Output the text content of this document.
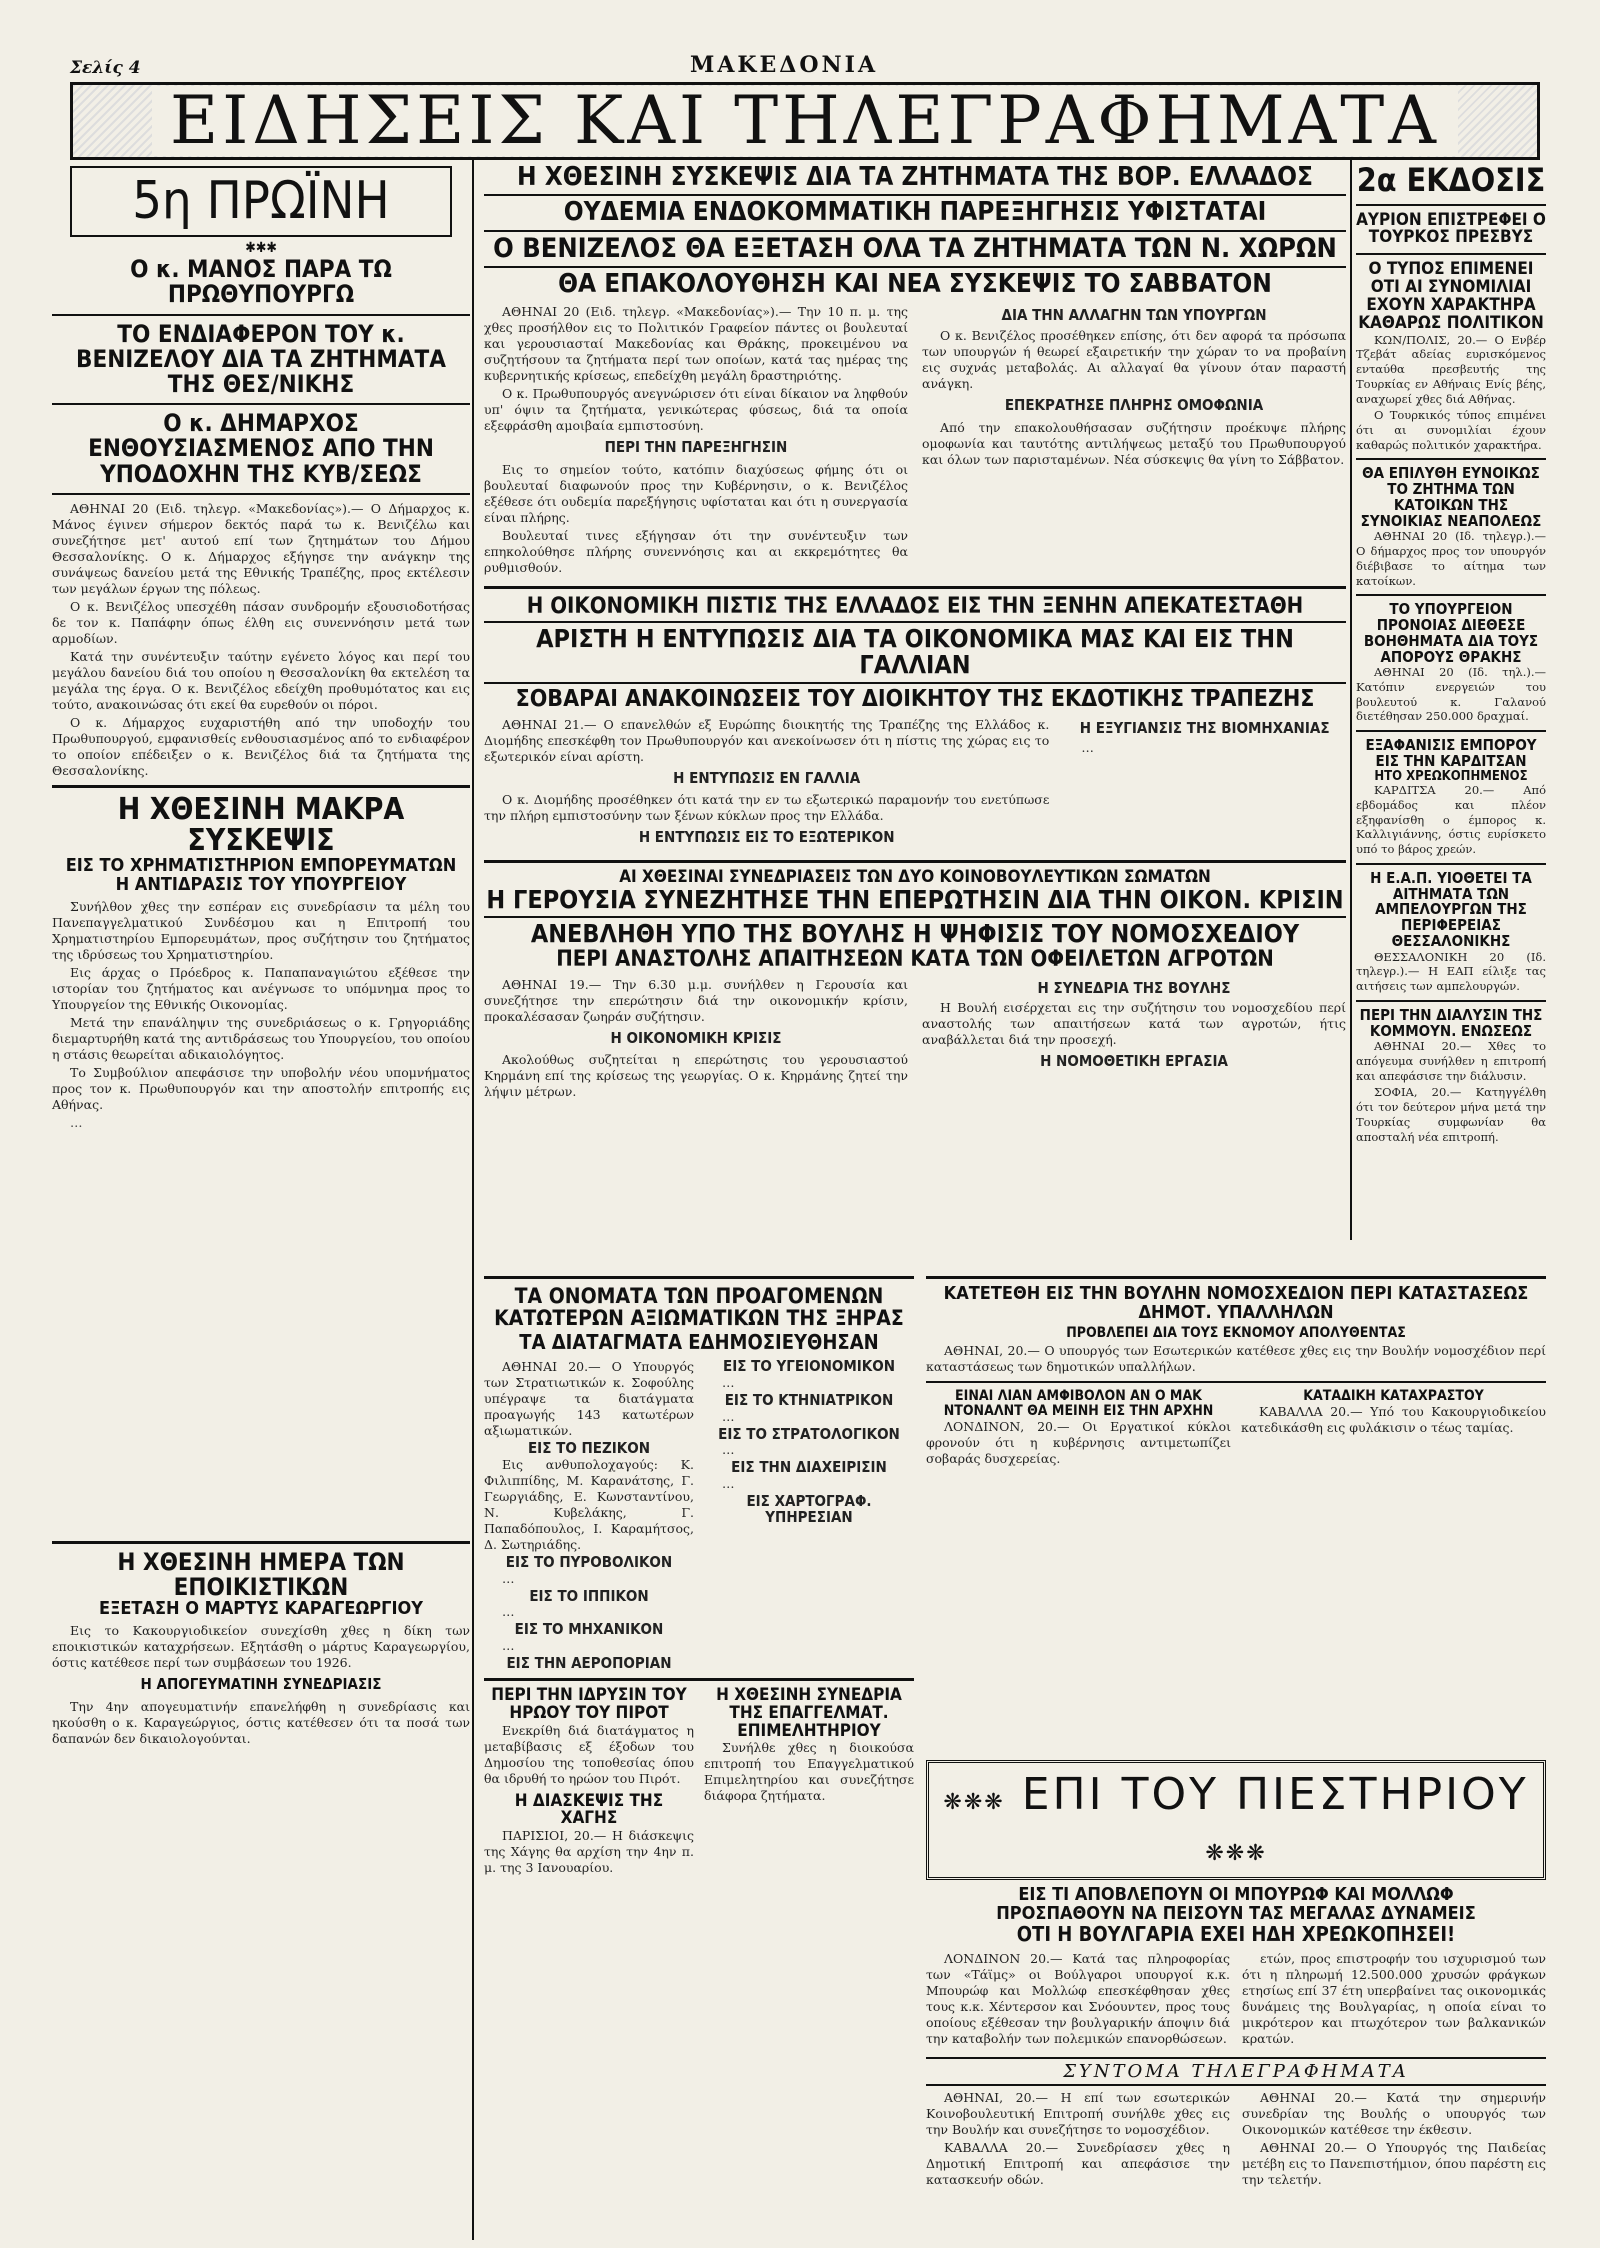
Σελίς 4	ΜΑΚΕΔΟΝΙΑ
ΕΙΔΗΣΕΙΣ ΚΑΙ ΤΗΛΕΓΡΑΦΗΜΑΤΑ
5η ΠΡΩΪΝΗ
✱✱✱
Ο κ. ΜΑΝΟΣ ΠΑΡΑ ΤΩ ΠΡΩΘΥΠΟΥΡΓΩ
ΤΟ ΕΝΔΙΑΦΕΡΟΝ ΤΟΥ κ. ΒΕΝΙΖΕΛΟΥ ΔΙΑ ΤΑ ΖΗΤΗΜΑΤΑ ΤΗΣ ΘΕΣ/ΝΙΚΗΣ
Ο κ. ΔΗΜΑΡΧΟΣ ΕΝΘΟΥΣΙΑΣΜΕΝΟΣ ΑΠΟ ΤΗΝ ΥΠΟΔΟΧΗΝ ΤΗΣ ΚΥΒ/ΣΕΩΣ

ΑΘΗΝΑΙ 20 (Ειδ. τηλεγρ. «Μακεδονίας»).— Ο Δήμαρχος κ. Μάνος έγινεν σήμερον δεκτός παρά τω κ. Βενιζέλω και συνεζήτησε μετ' αυτού επί των ζητημάτων του Δήμου Θεσσαλονίκης. Ο κ. Δήμαρχος εξήγησε την ανάγκην της συνάψεως δανείου μετά της Εθνικής Τραπέζης, προς εκτέλεσιν των μεγάλων έργων της πόλεως.

Ο κ. Βενιζέλος υπεσχέθη πάσαν συνδρομήν εξουσιοδοτήσας δε τον κ. Παπάφην όπως έλθη εις συνεννόησιν μετά των αρμοδίων.

Κατά την συνέντευξιν ταύτην εγένετο λόγος και περί του μεγάλου δανείου διά του οποίου η Θεσσαλονίκη θα εκτελέση τα μεγάλα της έργα. Ο κ. Βενιζέλος εδείχθη προθυμότατος και εις τούτο, ανακοινώσας ότι εκεί θα ευρεθούν οι πόροι.

Ο κ. Δήμαρχος ευχαριστήθη από την υποδοχήν του Πρωθυπουργού, εμφανισθείς ενθουσιασμένος από το ενδιαφέρον το οποίον επέδειξεν ο κ. Βενιζέλος διά τα ζητήματα της Θεσσαλονίκης.

Η ΧΘΕΣΙΝΗ ΜΑΚΡΑ ΣΥΣΚΕΨΙΣ
ΕΙΣ ΤΟ ΧΡΗΜΑΤΙΣΤΗΡΙΟΝ ΕΜΠΟΡΕΥΜΑΤΩΝ
Η ΑΝΤΙΔΡΑΣΙΣ ΤΟΥ ΥΠΟΥΡΓΕΙΟΥ

Συνήλθον χθες την εσπέραν εις συνεδρίασιν τα μέλη του Πανεπαγγελματικού Συνδέσμου και η Επιτροπή του Χρηματιστηρίου Εμπορευμάτων, προς συζήτησιν του ζητήματος της ιδρύσεως του Χρηματιστηρίου.

Εις άρχας ο Πρόεδρος κ. Παπαπαναγιώτου εξέθεσε την ιστορίαν του ζητήματος και ανέγνωσε το υπόμνημα προς το Υπουργείον της Εθνικής Οικονομίας.

Μετά την επανάληψιν της συνεδριάσεως ο κ. Γρηγοριάδης διεμαρτυρήθη κατά της αντιδράσεως του Υπουργείου, του οποίου η στάσις θεωρείται αδικαιολόγητος.

Το Συμβούλιον απεφάσισε την υποβολήν νέου υπομνήματος προς τον κ. Πρωθυπουργόν και την αποστολήν επιτροπής εις Αθήνας.

…

Η ΧΘΕΣΙΝΗ ΗΜΕΡΑ ΤΩΝ ΕΠΟΙΚΙΣΤΙΚΩΝ
ΕΞΕΤΑΣΗ Ο ΜΑΡΤΥΣ ΚΑΡΑΓΕΩΡΓΙΟΥ

Εις το Κακουργιοδικείον συνεχίσθη χθες η δίκη των εποικιστικών καταχρήσεων. Εξητάσθη ο μάρτυς Καραγεωργίου, όστις κατέθεσε περί των συμβάσεων του 1926.

Η ΑΠΟΓΕΥΜΑΤΙΝΗ ΣΥΝΕΔΡΙΑΣΙΣ

Την 4ην απογευματινήν επανελήφθη η συνεδρίασις και ηκούσθη ο κ. Καραγεώργιος, όστις κατέθεσεν ότι τα ποσά των δαπανών δεν δικαιολογούνται.

Η ΧΘΕΣΙΝΗ ΣΥΣΚΕΨΙΣ ΔΙΑ ΤΑ ΖΗΤΗΜΑΤΑ ΤΗΣ ΒΟΡ. ΕΛΛΑΔΟΣ
ΟΥΔΕΜΙΑ ΕΝΔΟΚΟΜΜΑΤΙΚΗ ΠΑΡΕΞΗΓΗΣΙΣ ΥΦΙΣΤΑΤΑΙ
Ο ΒΕΝΙΖΕΛΟΣ ΘΑ ΕΞΕΤΑΣΗ ΟΛΑ ΤΑ ΖΗΤΗΜΑΤΑ ΤΩΝ Ν. ΧΩΡΩΝ
ΘΑ ΕΠΑΚΟΛΟΥΘΗΣΗ ΚΑΙ ΝΕΑ ΣΥΣΚΕΨΙΣ ΤΟ ΣΑΒΒΑΤΟΝ

ΑΘΗΝΑΙ 20 (Ειδ. τηλεγρ. «Μακεδονίας»).— Την 10 π. μ. της χθες προσήλθον εις το Πολιτικόν Γραφείον πάντες οι βουλευταί και γερουσιασταί Μακεδονίας και Θράκης, προκειμένου να συζητήσουν τα ζητήματα περί των οποίων, κατά τας ημέρας της κυβερνητικής κρίσεως, επεδείχθη μεγάλη δραστηριότης.

Ο κ. Πρωθυπουργός ανεγνώρισεν ότι είναι δίκαιον να ληφθούν υπ' όψιν τα ζητήματα, γενικώτερας φύσεως, διά τα οποία εξεφράσθη αμοιβαία εμπιστοσύνη.

ΠΕΡΙ ΤΗΝ ΠΑΡΕΞΗΓΗΣΙΝ

Εις το σημείον τούτο, κατόπιν διαχύσεως φήμης ότι οι βουλευταί διαφωνούν προς την Κυβέρνησιν, ο κ. Βενιζέλος εξέθεσε ότι ουδεμία παρεξήγησις υφίσταται και ότι η συνεργασία είναι πλήρης.

Βουλευταί τινες εξήγησαν ότι την συνέντευξιν των επηκολούθησε πλήρης συνεννόησις και αι εκκρεμότητες θα ρυθμισθούν.

ΔΙΑ ΤΗΝ ΑΛΛΑΓΗΝ ΤΩΝ ΥΠΟΥΡΓΩΝ

Ο κ. Βενιζέλος προσέθηκεν επίσης, ότι δεν αφορά τα πρόσωπα των υπουργών ή θεωρεί εξαιρετικήν την χώραν το να προβαίνη εις συχνάς μεταβολάς. Αι αλλαγαί θα γίνουν όταν παραστή ανάγκη.

ΕΠΕΚΡΑΤΗΣΕ ΠΛΗΡΗΣ ΟΜΟΦΩΝΙΑ

Από την επακολουθήσασαν συζήτησιν προέκυψε πλήρης ομοφωνία και ταυτότης αντιλήψεως μεταξύ του Πρωθυπουργού και όλων των παρισταμένων. Νέα σύσκεψις θα γίνη το Σάββατον.

Η ΟΙΚΟΝΟΜΙΚΗ ΠΙΣΤΙΣ ΤΗΣ ΕΛΛΑΔΟΣ ΕΙΣ ΤΗΝ ΞΕΝΗΝ ΑΠΕΚΑΤΕΣΤΑΘΗ
ΑΡΙΣΤΗ Η ΕΝΤΥΠΩΣΙΣ ΔΙΑ ΤΑ ΟΙΚΟΝΟΜΙΚΑ ΜΑΣ ΚΑΙ ΕΙΣ ΤΗΝ ΓΑΛΛΙΑΝ
ΣΟΒΑΡΑΙ ΑΝΑΚΟΙΝΩΣΕΙΣ ΤΟΥ ΔΙΟΙΚΗΤΟΥ ΤΗΣ ΕΚΔΟΤΙΚΗΣ ΤΡΑΠΕΖΗΣ

ΑΘΗΝΑΙ 21.— Ο επανελθών εξ Ευρώπης διοικητής της Τραπέζης της Ελλάδος κ. Διομήδης επεσκέφθη τον Πρωθυπουργόν και ανεκοίνωσεν ότι η πίστις της χώρας εις το εξωτερικόν είναι αρίστη.

Η ΕΝΤΥΠΩΣΙΣ ΕΝ ΓΑΛΛΙΑ

Ο κ. Διομήδης προσέθηκεν ότι κατά την εν τω εξωτερικώ παραμονήν του ενετύπωσε την πλήρη εμπιστοσύνην των ξένων κύκλων προς την Ελλάδα.

Η ΕΝΤΥΠΩΣΙΣ ΕΙΣ ΤΟ ΕΞΩΤΕΡΙΚΟΝ
Η ΕΞΥΓΙΑΝΣΙΣ ΤΗΣ ΒΙΟΜΗΧΑΝΙΑΣ

…

ΑΙ ΧΘΕΣΙΝΑΙ ΣΥΝΕΔΡΙΑΣΕΙΣ ΤΩΝ ΔΥΟ ΚΟΙΝΟΒΟΥΛΕΥΤΙΚΩΝ ΣΩΜΑΤΩΝ
Η ΓΕΡΟΥΣΙΑ ΣΥΝΕΖΗΤΗΣΕ ΤΗΝ ΕΠΕΡΩΤΗΣΙΝ ΔΙΑ ΤΗΝ ΟΙΚΟΝ. ΚΡΙΣΙΝ
ΑΝΕΒΛΗΘΗ ΥΠΟ ΤΗΣ ΒΟΥΛΗΣ Η ΨΗΦΙΣΙΣ ΤΟΥ ΝΟΜΟΣΧΕΔΙΟΥ
ΠΕΡΙ ΑΝΑΣΤΟΛΗΣ ΑΠΑΙΤΗΣΕΩΝ ΚΑΤΑ ΤΩΝ ΟΦΕΙΛΕΤΩΝ ΑΓΡΟΤΩΝ

ΑΘΗΝΑΙ 19.— Την 6.30 μ.μ. συνήλθεν η Γερουσία και συνεζήτησε την επερώτησιν διά την οικονομικήν κρίσιν, προκαλέσασαν ζωηράν συζήτησιν.

Η ΟΙΚΟΝΟΜΙΚΗ ΚΡΙΣΙΣ

Ακολούθως συζητείται η επερώτησις του γερουσιαστού Κηρμάνη επί της κρίσεως της γεωργίας. Ο κ. Κηρμάνης ζητεί την λήψιν μέτρων.

Η ΣΥΝΕΔΡΙΑ ΤΗΣ ΒΟΥΛΗΣ

Η Βουλή εισέρχεται εις την συζήτησιν του νομοσχεδίου περί αναστολής των απαιτήσεων κατά των αγροτών, ήτις αναβάλλεται διά την προσεχή.

Η ΝΟΜΟΘΕΤΙΚΗ ΕΡΓΑΣΙΑ
ΤΑ ΟΝΟΜΑΤΑ ΤΩΝ ΠΡΟΑΓΟΜΕΝΩΝ ΚΑΤΩΤΕΡΩΝ ΑΞΙΩΜΑΤΙΚΩΝ ΤΗΣ ΞΗΡΑΣ
ΤΑ ΔΙΑΤΑΓΜΑΤΑ ΕΔΗΜΟΣΙΕΥΘΗΣΑΝ

ΑΘΗΝΑΙ 20.— Ο Υπουργός των Στρατιωτικών κ. Σοφούλης υπέγραψε τα διατάγματα προαγωγής 143 κατωτέρων αξιωματικών.

ΕΙΣ ΤΟ ΠΕΖΙΚΟΝ

Εις ανθυπολοχαγούς: Κ. Φιλιππίδης, Μ. Καρανάτσης, Γ. Γεωργιάδης, Ε. Κωνσταντίνου, Ν. Κυβελάκης, Γ. Παπαδόπουλος, Ι. Καραμήτσος, Δ. Σωτηριάδης.

ΕΙΣ ΤΟ ΠΥΡΟΒΟΛΙΚΟΝ

…

ΕΙΣ ΤΟ ΙΠΠΙΚΟΝ

…

ΕΙΣ ΤΟ ΜΗΧΑΝΙΚΟΝ

…

ΕΙΣ ΤΗΝ ΑΕΡΟΠΟΡΙΑΝ
ΕΙΣ ΤΟ ΥΓΕΙΟΝΟΜΙΚΟΝ

…

ΕΙΣ ΤΟ ΚΤΗΝΙΑΤΡΙΚΟΝ

…

ΕΙΣ ΤΟ ΣΤΡΑΤΟΛΟΓΙΚΟΝ

…

ΕΙΣ ΤΗΝ ΔΙΑΧΕΙΡΙΣΙΝ

…

ΕΙΣ ΧΑΡΤΟΓΡΑΦ. ΥΠΗΡΕΣΙΑΝ
ΠΕΡΙ ΤΗΝ ΙΔΡΥΣΙΝ ΤΟΥ ΗΡΩΟΥ ΤΟΥ ΠΙΡΟΤ

Ενεκρίθη διά διατάγματος η μεταβίβασις εξ έξοδων του Δημοσίου της τοποθεσίας όπου θα ιδρυθή το ηρώον του Πιρότ.

Η ΔΙΑΣΚΕΨΙΣ ΤΗΣ ΧΑΓΗΣ

ΠΑΡΙΣΙΟΙ, 20.— Η διάσκεψις της Χάγης θα αρχίση την 4ην π. μ. της 3 Ιανουαρίου.

Η ΧΘΕΣΙΝΗ ΣΥΝΕΔΡΙΑ ΤΗΣ ΕΠΑΓΓΕΛΜΑΤ. ΕΠΙΜΕΛΗΤΗΡΙΟΥ

Συνήλθε χθες η διοικούσα επιτροπή του Επαγγελματικού Επιμελητηρίου και συνεζήτησε διάφορα ζητήματα.

2α ΕΚΔΟΣΙΣ
ΑΥΡΙΟΝ ΕΠΙΣΤΡΕΦΕΙ Ο ΤΟΥΡΚΟΣ ΠΡΕΣΒΥΣ
Ο ΤΥΠΟΣ ΕΠΙΜΕΝΕΙ ΟΤΙ ΑΙ ΣΥΝΟΜΙΛΙΑΙ ΕΧΟΥΝ ΧΑΡΑΚΤΗΡΑ ΚΑΘΑΡΩΣ ΠΟΛΙΤΙΚΟΝ

ΚΩΝ/ΠΟΛΙΣ, 20.— Ο Ενβέρ Τζεβάτ αδείας ευρισκόμενος ενταύθα πρεσβευτής της Τουρκίας εν Αθήναις Ενίς βέης, αναχωρεί χθες διά Αθήνας.

Ο Τουρκικός τύπος επιμένει ότι αι συνομιλίαι έχουν καθαρώς πολιτικόν χαρακτήρα.

ΘΑ ΕΠΙΛΥΘΗ ΕΥΝΟΙΚΩΣ ΤΟ ΖΗΤΗΜΑ ΤΩΝ ΚΑΤΟΙΚΩΝ ΤΗΣ ΣΥΝΟΙΚΙΑΣ ΝΕΑΠΟΛΕΩΣ

ΑΘΗΝΑΙ 20 (Ιδ. τηλεγρ.).— Ο δήμαρχος προς τον υπουργόν διέβιβασε το αίτημα των κατοίκων.

ΤΟ ΥΠΟΥΡΓΕΙΟΝ ΠΡΟΝΟΙΑΣ ΔΙΕΘΕΣΕ ΒΟΗΘΗΜΑΤΑ ΔΙΑ ΤΟΥΣ ΑΠΟΡΟΥΣ ΘΡΑΚΗΣ

ΑΘΗΝΑΙ 20 (Ιδ. τηλ.).— Κατόπιν ενεργειών του βουλευτού κ. Γαλανού διετέθησαν 250.000 δραχμαί.

ΕΞΑΦΑΝΙΣΙΣ ΕΜΠΟΡΟΥ ΕΙΣ ΤΗΝ ΚΑΡΔΙΤΣΑΝ
ΗΤΟ ΧΡΕΩΚΟΠΗΜΕΝΟΣ

ΚΑΡΔΙΤΣΑ 20.— Από εβδομάδος και πλέον εξηφανίσθη ο έμπορος κ. Καλλιγιάννης, όστις ευρίσκετο υπό το βάρος χρεών.

Η Ε.Α.Π. ΥΙΟΘΕΤΕΙ ΤΑ ΑΙΤΗΜΑΤΑ ΤΩΝ ΑΜΠΕΛΟΥΡΓΩΝ ΤΗΣ ΠΕΡΙΦΕΡΕΙΑΣ ΘΕΣΣΑΛΟΝΙΚΗΣ

ΘΕΣΣΑΛΟΝΙΚΗ 20 (Ιδ. τηλεγρ.).— Η ΕΑΠ είλιξε τας αιτήσεις των αμπελουργών.

ΠΕΡΙ ΤΗΝ ΔΙΑΛΥΣΙΝ ΤΗΣ ΚΟΜΜΟΥΝ. ΕΝΩΣΕΩΣ

ΑΘΗΝΑΙ 20.— Χθες το απόγευμα συνήλθεν η επιτροπή και απεφάσισε την διάλυσιν.

ΣΟΦΙΑ, 20.— Κατηγγέλθη ότι τον δεύτερον μήνα μετά την Τουρκίας συμφωνίαν θα αποσταλή νέα επιτροπή.

ΚΑΤΕΤΕΘΗ ΕΙΣ ΤΗΝ ΒΟΥΛΗΝ ΝΟΜΟΣΧΕΔΙΟΝ ΠΕΡΙ ΚΑΤΑΣΤΑΣΕΩΣ ΔΗΜΟΤ. ΥΠΑΛΛΗΛΩΝ
ΠΡΟΒΛΕΠΕΙ ΔΙΑ ΤΟΥΣ ΕΚΝΟΜΟΥ ΑΠΟΛΥΘΕΝΤΑΣ

ΑΘΗΝΑΙ, 20.— Ο υπουργός των Εσωτερικών κατέθεσε χθες εις την Βουλήν νομοσχέδιον περί καταστάσεως των δημοτικών υπαλλήλων.

ΕΙΝΑΙ ΛΙΑΝ ΑΜΦΙΒΟΛΟΝ ΑΝ Ο ΜΑΚ ΝΤΟΝΑΛΝΤ ΘΑ ΜΕΙΝΗ ΕΙΣ ΤΗΝ ΑΡΧΗΝ

ΛΟΝΔΙΝΟΝ, 20.— Οι Εργατικοί κύκλοι φρονούν ότι η κυβέρνησις αντιμετωπίζει σοβαράς δυσχερείας.

ΚΑΤΑΔΙΚΗ ΚΑΤΑΧΡΑΣΤΟΥ

ΚΑΒΑΛΛΑ 20.— Υπό του Κακουργιοδικείου κατεδικάσθη εις φυλάκισιν ο τέως ταμίας.

❋❋❋ ΕΠΙ ΤΟΥ ΠΙΕΣΤΗΡΙΟΥ ❋❋❋
ΕΙΣ ΤΙ ΑΠΟΒΛΕΠΟΥΝ ΟΙ ΜΠΟΥΡΩΦ ΚΑΙ ΜΟΛΛΩΦ
ΠΡΟΣΠΑΘΟΥΝ ΝΑ ΠΕΙΣΟΥΝ ΤΑΣ ΜΕΓΑΛΑΣ ΔΥΝΑΜΕΙΣ
ΟΤΙ Η ΒΟΥΛΓΑΡΙΑ ΕΧΕΙ ΗΔΗ ΧΡΕΩΚΟΠΗΣΕΙ!

ΛΟΝΔΙΝΟΝ 20.— Κατά τας πληροφορίας των «Τάϊμς» οι Βούλγαροι υπουργοί κ.κ. Μπουρώφ και Μολλώφ επεσκέφθησαν χθες τους κ.κ. Χέντερσον και Σνόουντεν, προς τους οποίους εξέθεσαν την βουλγαρικήν άποψιν διά την καταβολήν των πολεμικών επανορθώσεων.

ετών, προς επιστροφήν του ισχυρισμού των ότι η πληρωμή 12.500.000 χρυσών φράγκων ετησίως επί 37 έτη υπερβαίνει τας οικονομικάς δυνάμεις της Βουλγαρίας, η οποία είναι το μικρότερον και πτωχότερον των βαλκανικών κρατών.

ΣΥΝΤΟΜΑ ΤΗΛΕΓΡΑΦΗΜΑΤΑ

ΑΘΗΝΑΙ, 20.— Η επί των εσωτερικών Κοινοβουλευτική Επιτροπή συνήλθε χθες εις την Βουλήν και συνεζήτησε το νομοσχέδιον.

ΚΑΒΑΛΛΑ 20.— Συνεδρίασεν χθες η Δημοτική Επιτροπή και απεφάσισε την κατασκευήν οδών.

ΑΘΗΝΑΙ 20.— Κατά την σημερινήν συνεδρίαν της Βουλής ο υπουργός των Οικονομικών κατέθεσε την έκθεσιν.

ΑΘΗΝΑΙ 20.— Ο Υπουργός της Παιδείας μετέβη εις το Πανεπιστήμιον, όπου παρέστη εις την τελετήν.
